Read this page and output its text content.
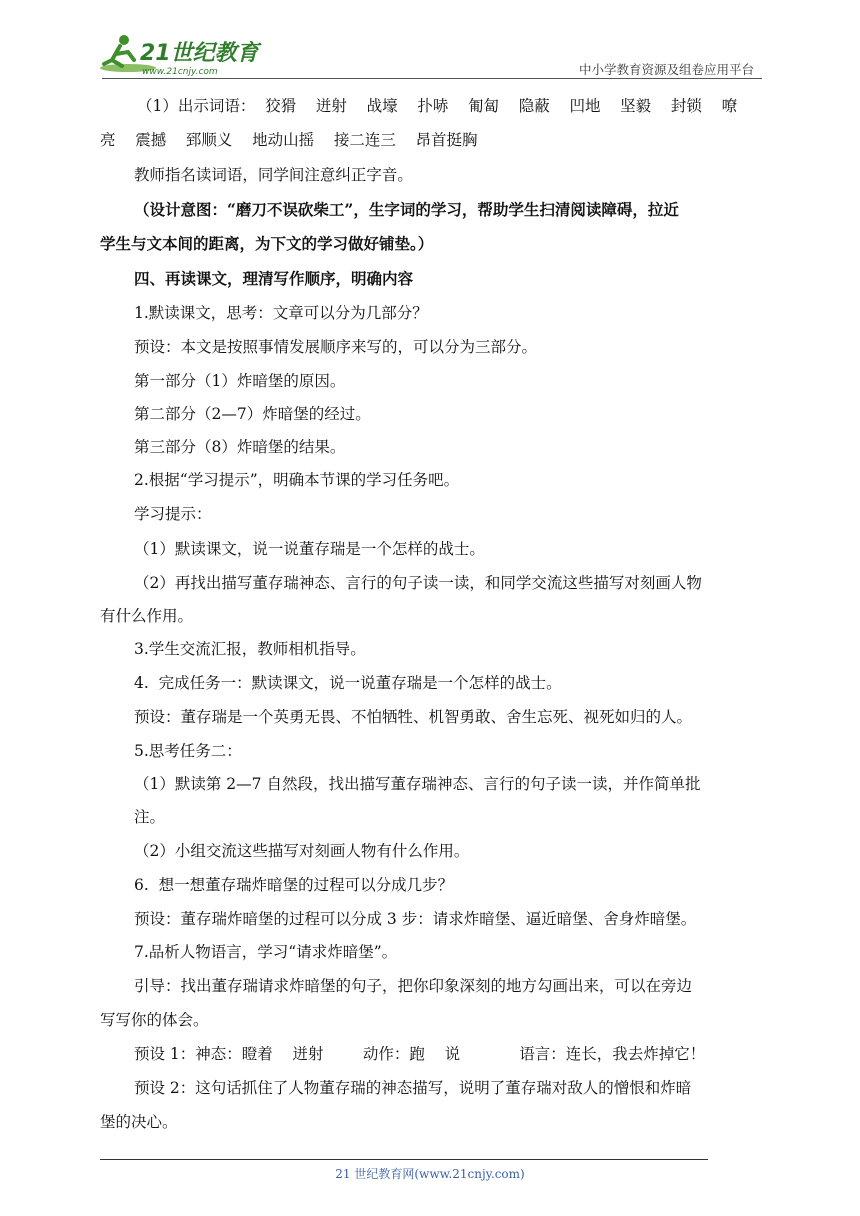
21世纪教育
www.21cnjy.com	中小学教育资源及组卷应用平台
（1）出示词语：  狡猾    迸射    战壕    扑哧    匍匐    隐蔽    凹地    坚毅    封锁    嘹
亮    震撼    郅顺义    地动山摇    接二连三    昂首挺胸
教师指名读词语，同学间注意纠正字音。
（设计意图：“磨刀不误砍柴工”，生字词的学习，帮助学生扫清阅读障碍，拉近
学生与文本间的距离，为下文的学习做好铺垫。）
四、再读课文，理清写作顺序，明确内容
1.默读课文，思考：文章可以分为几部分？
预设：本文是按照事情发展顺序来写的，可以分为三部分。
第一部分（1）炸暗堡的原因。
第二部分（2—7）炸暗堡的经过。
第三部分（8）炸暗堡的结果。
2.根据“学习提示”，明确本节课的学习任务吧。
学习提示：
（1）默读课文，说一说董存瑞是一个怎样的战士。
（2）再找出描写董存瑞神态、言行的句子读一读，和同学交流这些描写对刻画人物
有什么作用。
3.学生交流汇报，教师相机指导。
4.  完成任务一：默读课文，说一说董存瑞是一个怎样的战士。
预设：董存瑞是一个英勇无畏、不怕牺牲、机智勇敢、舍生忘死、视死如归的人。
5.思考任务二：
（1）默读第 2—7 自然段，找出描写董存瑞神态、言行的句子读一读，并作简单批
注。
（2）小组交流这些描写对刻画人物有什么作用。
6.  想一想董存瑞炸暗堡的过程可以分成几步？
预设：董存瑞炸暗堡的过程可以分成 3 步：请求炸暗堡、逼近暗堡、舍身炸暗堡。
7.品析人物语言，学习“请求炸暗堡”。
引导：找出董存瑞请求炸暗堡的句子，把你印象深刻的地方勾画出来，可以在旁边
写写你的体会。
预设 1：神态：瞪着    迸射        动作：跑    说            语言：连长，我去炸掉它！
预设 2：这句话抓住了人物董存瑞的神态描写，说明了董存瑞对敌人的憎恨和炸暗
堡的决心。
21 世纪教育网(www.21cnjy.com)
